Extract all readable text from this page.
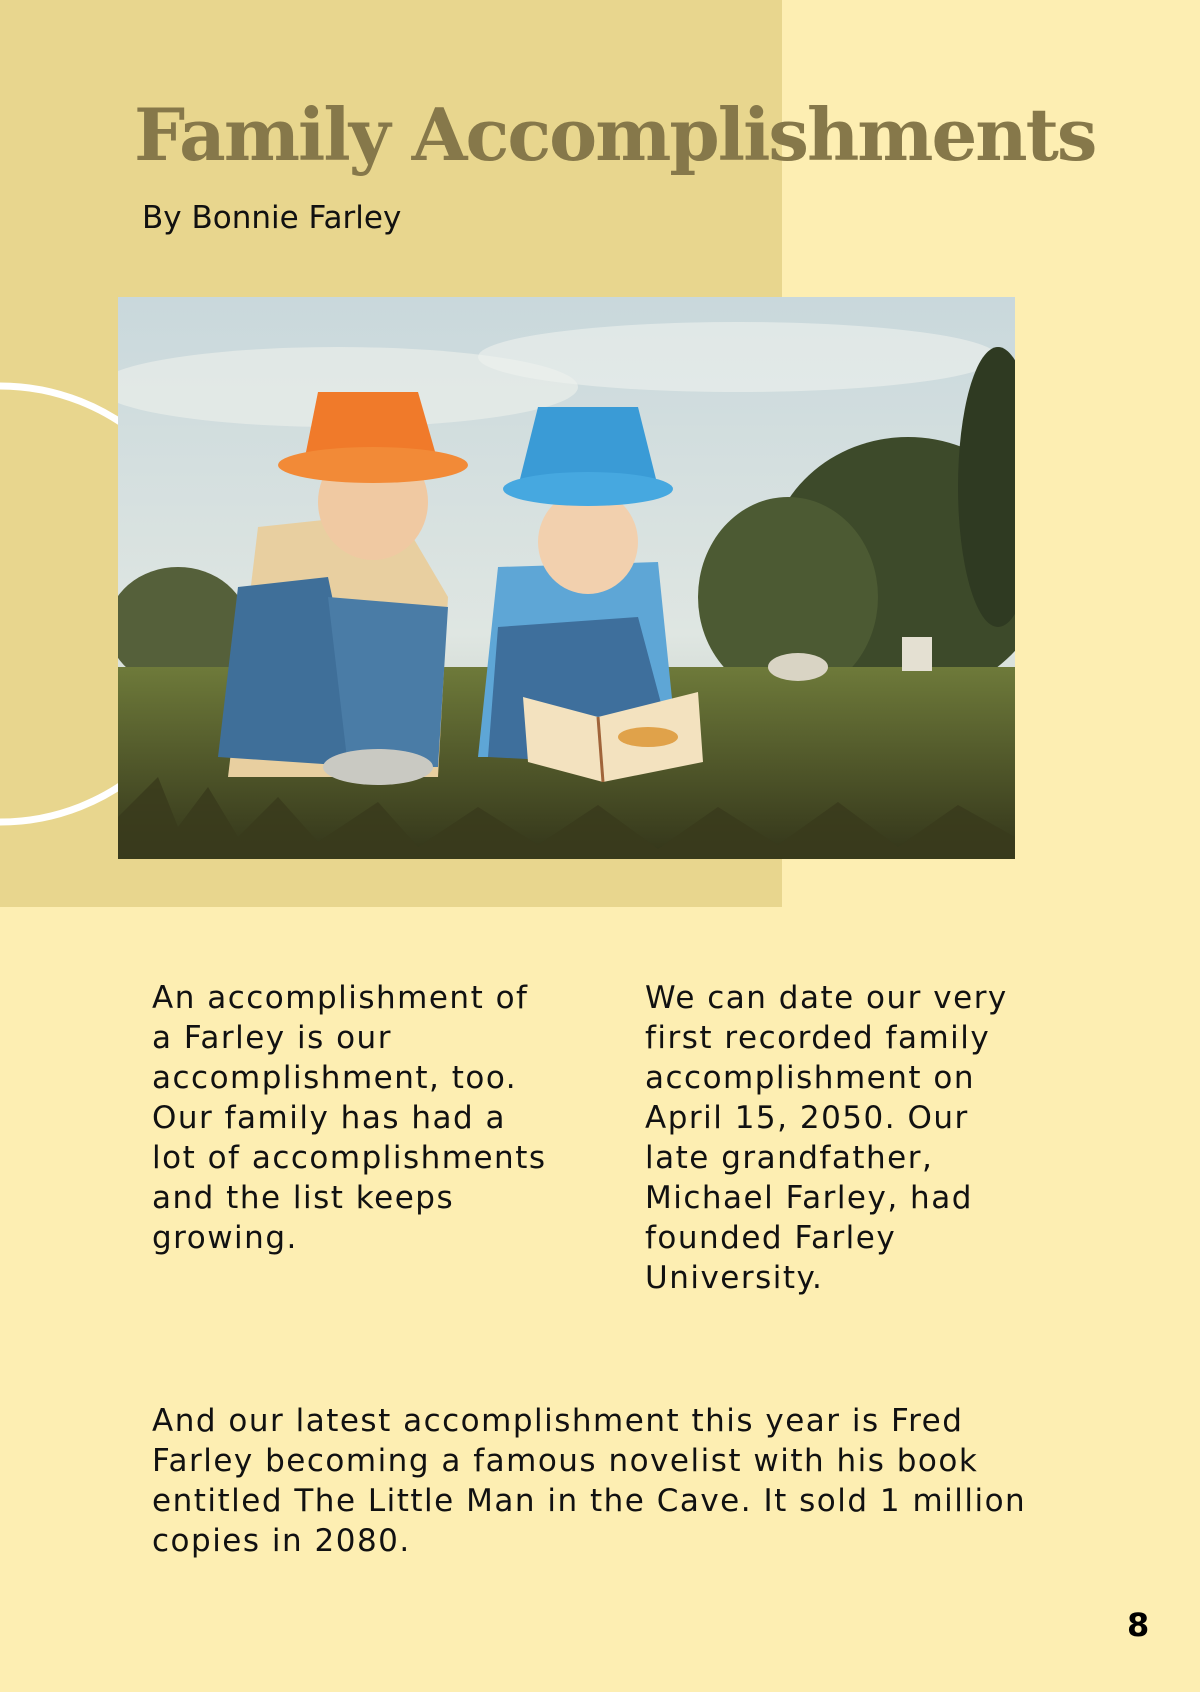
Family Accomplishments
By Bonnie Farley

An accomplishment of a Farley is our accomplishment, too. Our family has had a lot of accomplishments and the list keeps growing.

We can date our very first recorded family accomplishment on April 15, 2050. Our late grandfather, Michael Farley, had founded Farley University.

And our latest accomplishment this year is Fred Farley becoming a famous novelist with his book entitled The Little Man in the Cave. It sold 1 million copies in 2080.

8
